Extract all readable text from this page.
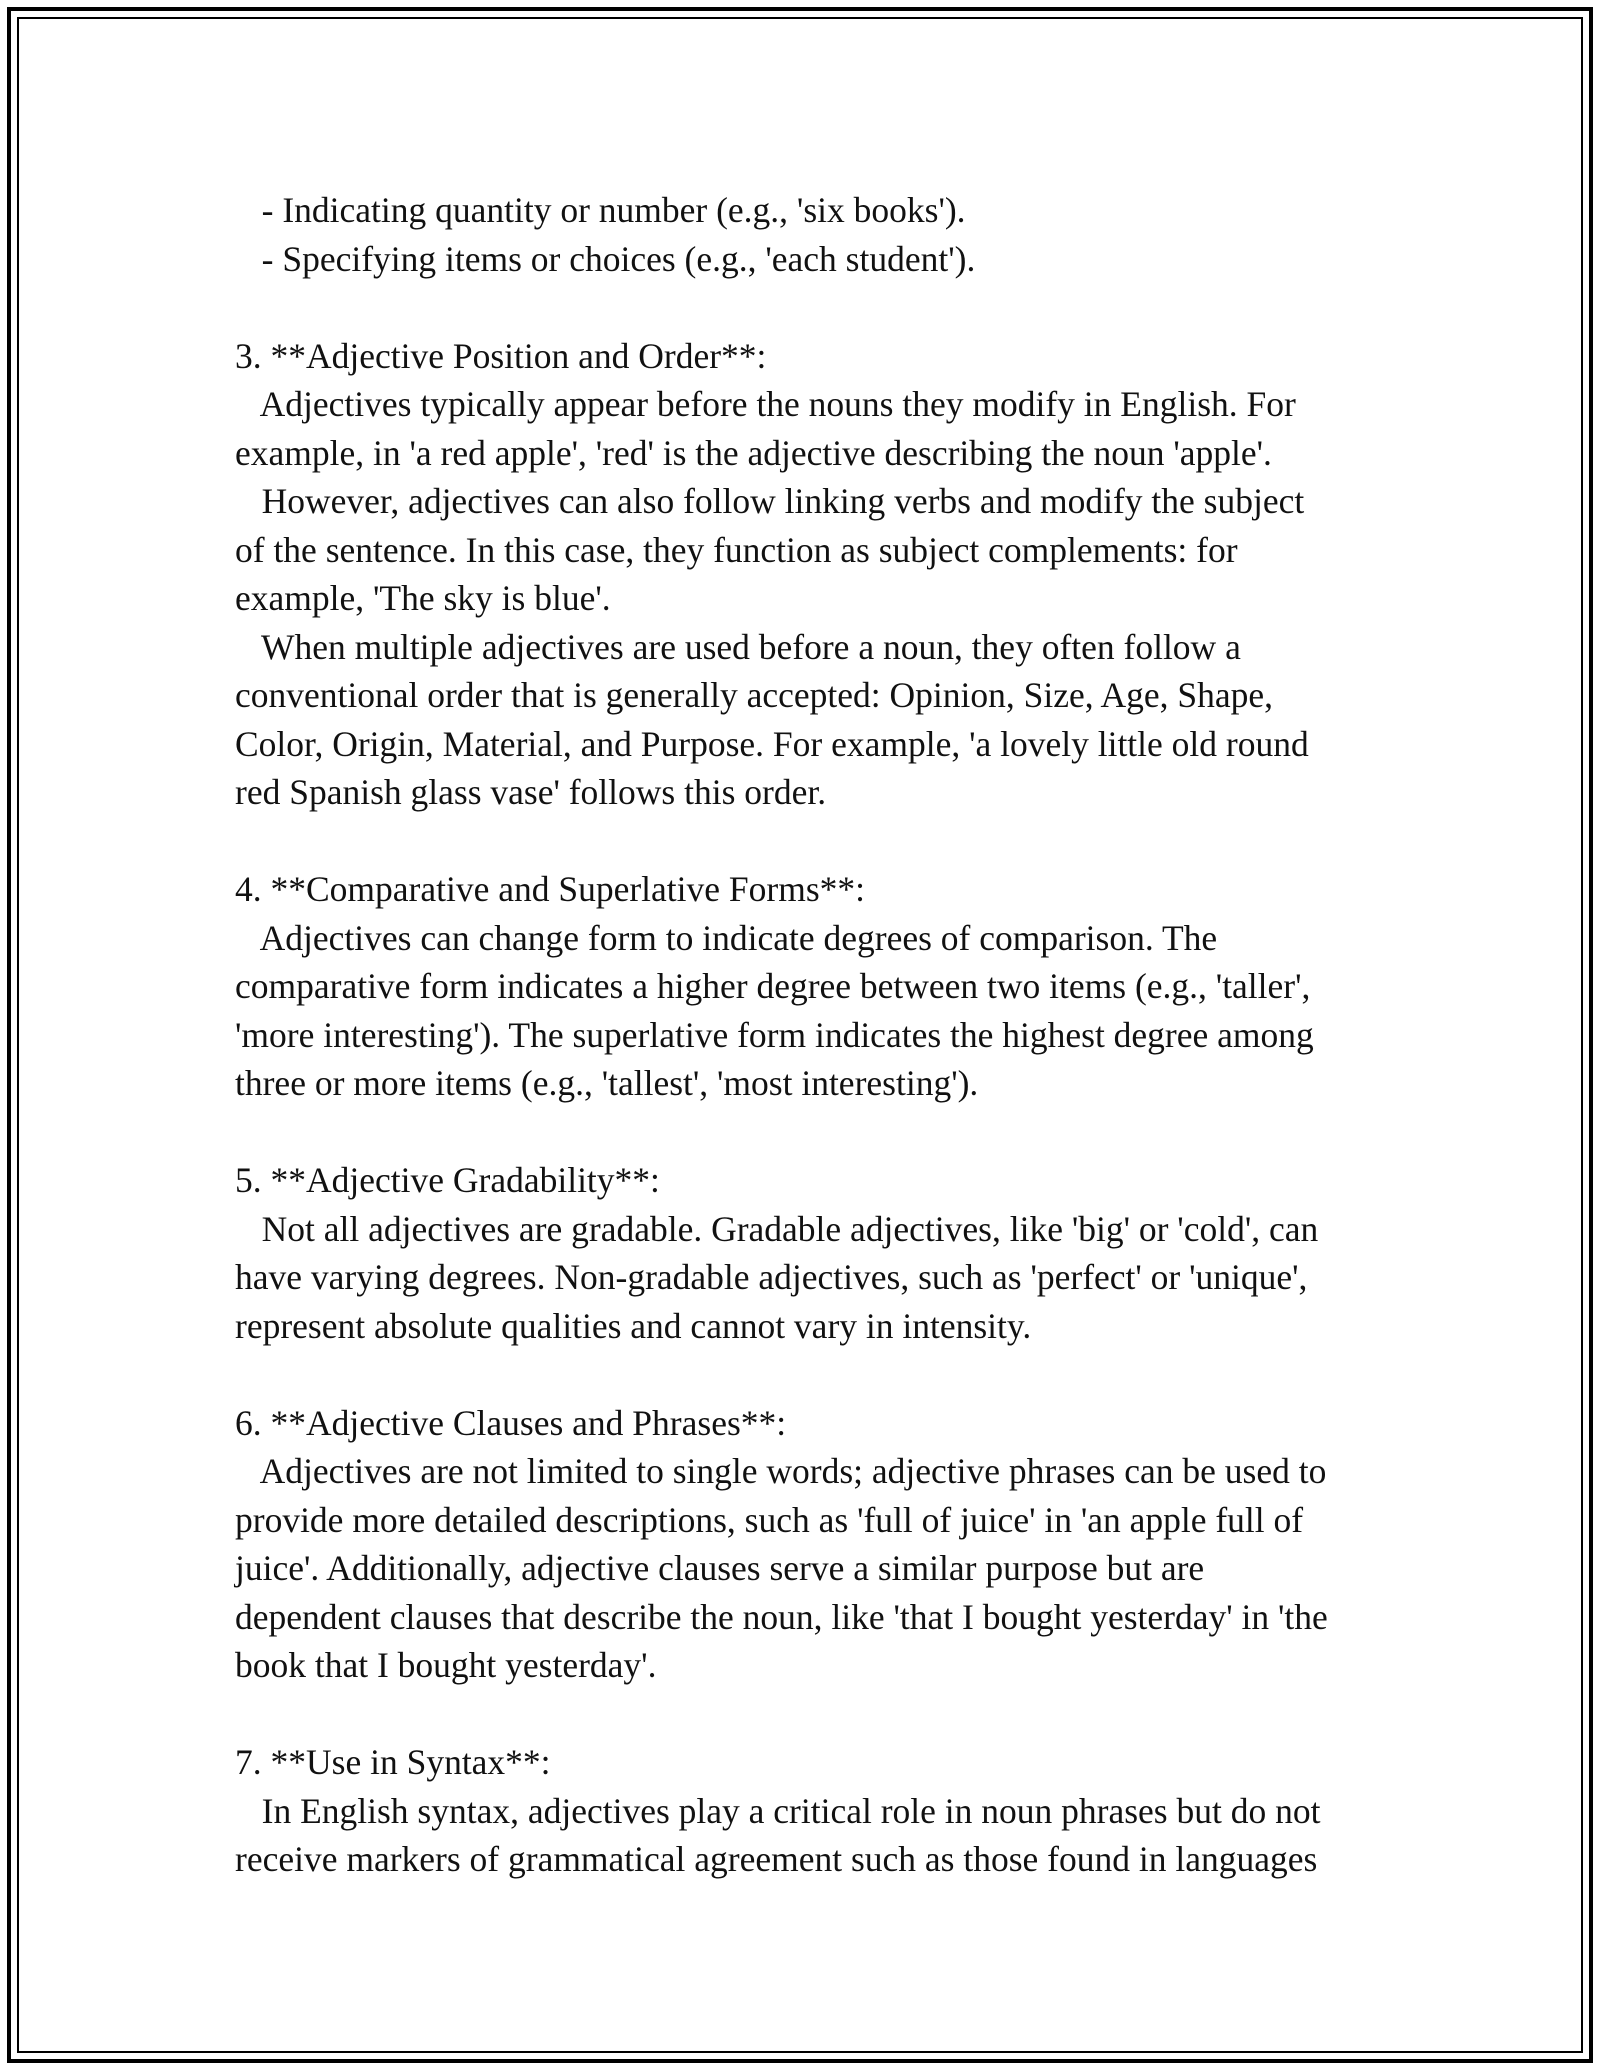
- Indicating quantity or number (e.g., 'six books').
- Specifying items or choices (e.g., 'each student').
3. **Adjective Position and Order**:
Adjectives typically appear before the nouns they modify in English. For
example, in 'a red apple', 'red' is the adjective describing the noun 'apple'.
However, adjectives can also follow linking verbs and modify the subject
of the sentence. In this case, they function as subject complements: for
example, 'The sky is blue'.
When multiple adjectives are used before a noun, they often follow a
conventional order that is generally accepted: Opinion, Size, Age, Shape,
Color, Origin, Material, and Purpose. For example, 'a lovely little old round
red Spanish glass vase' follows this order.
4. **Comparative and Superlative Forms**:
Adjectives can change form to indicate degrees of comparison. The
comparative form indicates a higher degree between two items (e.g., 'taller',
'more interesting'). The superlative form indicates the highest degree among
three or more items (e.g., 'tallest', 'most interesting').
5. **Adjective Gradability**:
Not all adjectives are gradable. Gradable adjectives, like 'big' or 'cold', can
have varying degrees. Non-gradable adjectives, such as 'perfect' or 'unique',
represent absolute qualities and cannot vary in intensity.
6. **Adjective Clauses and Phrases**:
Adjectives are not limited to single words; adjective phrases can be used to
provide more detailed descriptions, such as 'full of juice' in 'an apple full of
juice'. Additionally, adjective clauses serve a similar purpose but are
dependent clauses that describe the noun, like 'that I bought yesterday' in 'the
book that I bought yesterday'.
7. **Use in Syntax**:
In English syntax, adjectives play a critical role in noun phrases but do not
receive markers of grammatical agreement such as those found in languages
